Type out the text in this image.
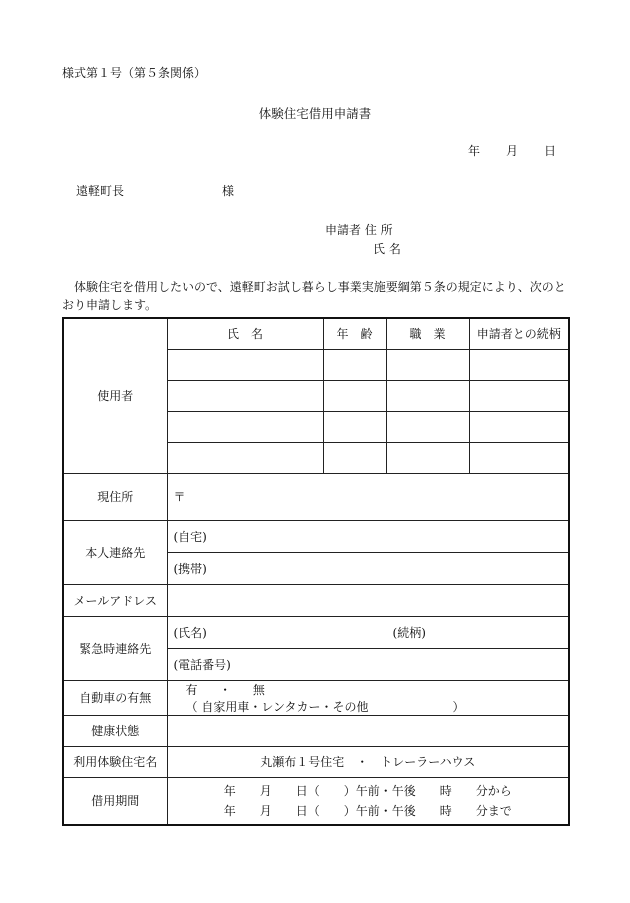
様式第１号（第５条関係）
体験住宅借用申請書
年 月 日
遠軽町長	様
申請者 住 所
氏 名
体験住宅を借用したいので、遠軽町お試し暮らし事業実施要綱第５条の規定により、次のとおり申請します。
使用者	氏　名	年　齢	職　業	申請者との続柄

現住所	〒			
本人連絡先	(自宅)			
	(携帯)			
メールアドレス				
緊急時連絡先	(氏名) (続柄)			
	(電話番号)			
自動車の有無	有 ・ 無  （ 自家用車・レンタカー・その他　　　　　　　）			
健康状態				
利用体験住宅名	丸瀬布１号住宅　・　トレーラーハウス			
借用期間	年　　月　　日（　　）午前・午後　　時　　分から
年　　月　　日（　　）午前・午後　　時　　分まで			
